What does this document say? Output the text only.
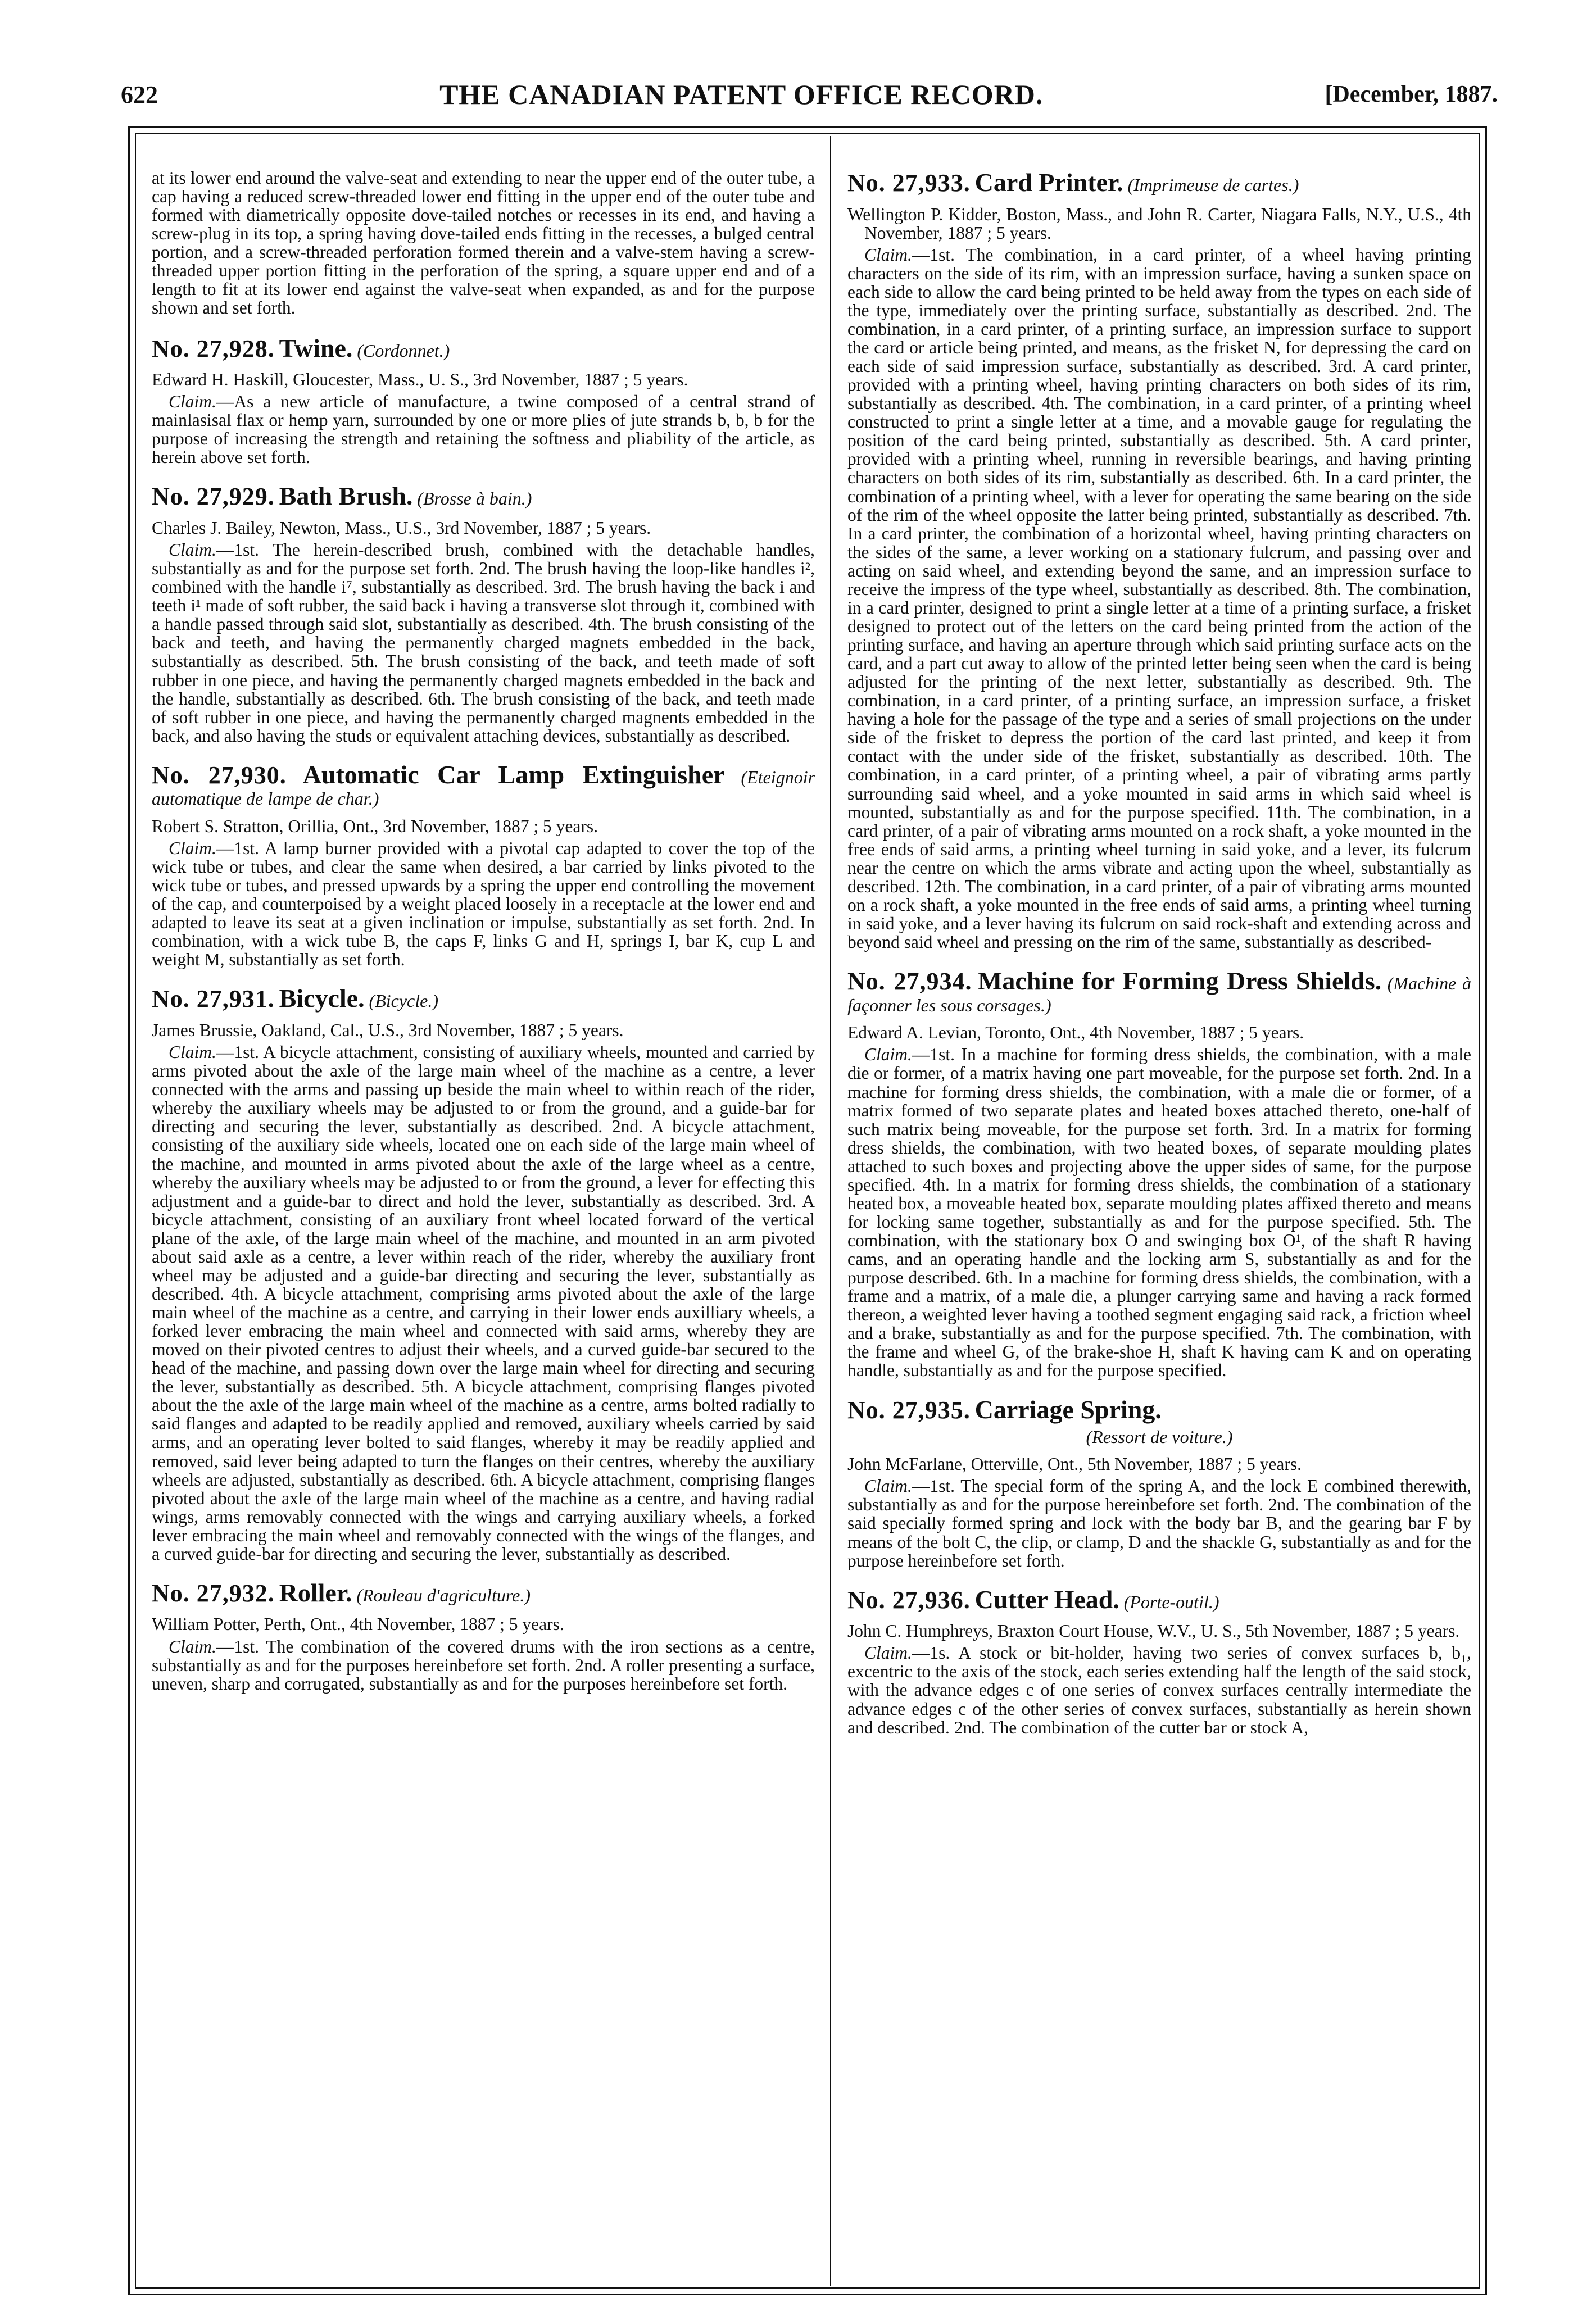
622	THE CANADIAN PATENT OFFICE RECORD.	[December, 1887.

at its lower end around the valve-seat and extending to near the upper end of the outer tube, a cap having a reduced screw-threaded lower end fitting in the upper end of the outer tube and formed with diametrically opposite dove-tailed notches or recesses in its end, and having a screw-plug in its top, a spring having dove-tailed ends fitting in the recesses, a bulged central portion, and a screw-threaded perforation formed therein and a valve-stem having a screw-threaded upper portion fitting in the perforation of the spring, a square upper end and of a length to fit at its lower end against the valve-seat when expanded, as and for the purpose shown and set forth.

No. 27,928. Twine. (Cordonnet.)

Edward H. Haskill, Gloucester, Mass., U. S., 3rd November, 1887 ; 5 years.

Claim.—As a new article of manufacture, a twine composed of a central strand of mainlasisal flax or hemp yarn, surrounded by one or more plies of jute strands b, b, b for the purpose of increasing the strength and retaining the softness and pliability of the article, as herein above set forth.

No. 27,929. Bath Brush. (Brosse à bain.)

Charles J. Bailey, Newton, Mass., U.S., 3rd November, 1887 ; 5 years.

Claim.—1st. The herein-described brush, combined with the detachable handles, substantially as and for the purpose set forth. 2nd. The brush having the loop-like handles i², combined with the handle i⁷, substantially as described. 3rd. The brush having the back i and teeth i¹ made of soft rubber, the said back i having a transverse slot through it, combined with a handle passed through said slot, substantially as described. 4th. The brush consisting of the back and teeth, and having the permanently charged magnets embedded in the back, substantially as described. 5th. The brush consisting of the back, and teeth made of soft rubber in one piece, and having the permanently charged magnets embedded in the back and the handle, substantially as described. 6th. The brush consisting of the back, and teeth made of soft rubber in one piece, and having the permanently charged magnents embedded in the back, and also having the studs or equivalent attaching devices, substantially as described.

No. 27,930. Automatic Car Lamp Extinguisher (Eteignoir automatique de lampe de char.)

Robert S. Stratton, Orillia, Ont., 3rd November, 1887 ; 5 years.

Claim.—1st. A lamp burner provided with a pivotal cap adapted to cover the top of the wick tube or tubes, and clear the same when desired, a bar carried by links pivoted to the wick tube or tubes, and pressed upwards by a spring the upper end controlling the movement of the cap, and counterpoised by a weight placed loosely in a receptacle at the lower end and adapted to leave its seat at a given inclination or impulse, substantially as set forth. 2nd. In combination, with a wick tube B, the caps F, links G and H, springs I, bar K, cup L and weight M, substantially as set forth.

No. 27,931. Bicycle. (Bicycle.)

James Brussie, Oakland, Cal., U.S., 3rd November, 1887 ; 5 years.

Claim.—1st. A bicycle attachment, consisting of auxiliary wheels, mounted and carried by arms pivoted about the axle of the large main wheel of the machine as a centre, a lever connected with the arms and passing up beside the main wheel to within reach of the rider, whereby the auxiliary wheels may be adjusted to or from the ground, and a guide-bar for directing and securing the lever, substantially as described. 2nd. A bicycle attachment, consisting of the auxiliary side wheels, located one on each side of the large main wheel of the machine, and mounted in arms pivoted about the axle of the large wheel as a centre, whereby the auxiliary wheels may be adjusted to or from the ground, a lever for effecting this adjustment and a guide-bar to direct and hold the lever, substantially as described. 3rd. A bicycle attachment, consisting of an auxiliary front wheel located forward of the vertical plane of the axle, of the large main wheel of the machine, and mounted in an arm pivoted about said axle as a centre, a lever within reach of the rider, whereby the auxiliary front wheel may be adjusted and a guide-bar directing and securing the lever, substantially as described. 4th. A bicycle attachment, comprising arms pivoted about the axle of the large main wheel of the machine as a centre, and carrying in their lower ends auxilliary wheels, a forked lever embracing the main wheel and connected with said arms, whereby they are moved on their pivoted centres to adjust their wheels, and a curved guide-bar secured to the head of the machine, and passing down over the large main wheel for directing and securing the lever, substantially as described. 5th. A bicycle attachment, comprising flanges pivoted about the the axle of the large main wheel of the machine as a centre, arms bolted radially to said flanges and adapted to be readily applied and removed, auxiliary wheels carried by said arms, and an operating lever bolted to said flanges, whereby it may be readily applied and removed, said lever being adapted to turn the flanges on their centres, whereby the auxiliary wheels are adjusted, substantially as described. 6th. A bicycle attachment, comprising flanges pivoted about the axle of the large main wheel of the machine as a centre, and having radial wings, arms removably connected with the wings and carrying auxiliary wheels, a forked lever embracing the main wheel and removably connected with the wings of the flanges, and a curved guide-bar for directing and securing the lever, substantially as described.

No. 27,932. Roller. (Rouleau d'agriculture.)

William Potter, Perth, Ont., 4th November, 1887 ; 5 years.

Claim.—1st. The combination of the covered drums with the iron sections as a centre, substantially as and for the purposes hereinbefore set forth. 2nd. A roller presenting a surface, uneven, sharp and corrugated, substantially as and for the purposes hereinbefore set forth.

No. 27,933. Card Printer. (Imprimeuse de cartes.)

Wellington P. Kidder, Boston, Mass., and John R. Carter, Niagara Falls, N.Y., U.S., 4th November, 1887 ; 5 years.

Claim.—1st. The combination, in a card printer, of a wheel having printing characters on the side of its rim, with an impression surface, having a sunken space on each side to allow the card being printed to be held away from the types on each side of the type, immediately over the printing surface, substantially as described. 2nd. The combination, in a card printer, of a printing surface, an impression surface to support the card or article being printed, and means, as the frisket N, for depressing the card on each side of said impression surface, substantially as described. 3rd. A card printer, provided with a printing wheel, having printing characters on both sides of its rim, substantially as described. 4th. The combination, in a card printer, of a printing wheel constructed to print a single letter at a time, and a movable gauge for regulating the position of the card being printed, substantially as described. 5th. A card printer, provided with a printing wheel, running in reversible bearings, and having printing characters on both sides of its rim, substantially as described. 6th. In a card printer, the combination of a printing wheel, with a lever for operating the same bearing on the side of the rim of the wheel opposite the latter being printed, substantially as described. 7th. In a card printer, the combination of a horizontal wheel, having printing characters on the sides of the same, a lever working on a stationary fulcrum, and passing over and acting on said wheel, and extending beyond the same, and an impression surface to receive the impress of the type wheel, substantially as described. 8th. The combination, in a card printer, designed to print a single letter at a time of a printing surface, a frisket designed to protect out of the letters on the card being printed from the action of the printing surface, and having an aperture through which said printing surface acts on the card, and a part cut away to allow of the printed letter being seen when the card is being adjusted for the printing of the next letter, substantially as described. 9th. The combination, in a card printer, of a printing surface, an impression surface, a frisket having a hole for the passage of the type and a series of small projections on the under side of the frisket to depress the portion of the card last printed, and keep it from contact with the under side of the frisket, substantially as described. 10th. The combination, in a card printer, of a printing wheel, a pair of vibrating arms partly surrounding said wheel, and a yoke mounted in said arms in which said wheel is mounted, substantially as and for the purpose specified. 11th. The combination, in a card printer, of a pair of vibrating arms mounted on a rock shaft, a yoke mounted in the free ends of said arms, a printing wheel turning in said yoke, and a lever, its fulcrum near the centre on which the arms vibrate and acting upon the wheel, substantially as described. 12th. The combination, in a card printer, of a pair of vibrating arms mounted on a rock shaft, a yoke mounted in the free ends of said arms, a printing wheel turning in said yoke, and a lever having its fulcrum on said rock-shaft and extending across and beyond said wheel and pressing on the rim of the same, substantially as described-

No. 27,934. Machine for Forming Dress Shields. (Machine à façonner les sous corsages.)

Edward A. Levian, Toronto, Ont., 4th November, 1887 ; 5 years.

Claim.—1st. In a machine for forming dress shields, the combination, with a male die or former, of a matrix having one part moveable, for the purpose set forth. 2nd. In a machine for forming dress shields, the combination, with a male die or former, of a matrix formed of two separate plates and heated boxes attached thereto, one-half of such matrix being moveable, for the purpose set forth. 3rd. In a matrix for forming dress shields, the combination, with two heated boxes, of separate moulding plates attached to such boxes and projecting above the upper sides of same, for the purpose specified. 4th. In a matrix for forming dress shields, the combination of a stationary heated box, a moveable heated box, separate moulding plates affixed thereto and means for locking same together, substantially as and for the purpose specified. 5th. The combination, with the stationary box O and swinging box O¹, of the shaft R having cams, and an operating handle and the locking arm S, substantially as and for the purpose described. 6th. In a machine for forming dress shields, the combination, with a frame and a matrix, of a male die, a plunger carrying same and having a rack formed thereon, a weighted lever having a toothed segment engaging said rack, a friction wheel and a brake, substantially as and for the purpose specified. 7th. The combination, with the frame and wheel G, of the brake-shoe H, shaft K having cam K and on operating handle, substantially as and for the purpose specified.

No. 27,935. Carriage Spring.
(Ressort de voiture.)

John McFarlane, Otterville, Ont., 5th November, 1887 ; 5 years.

Claim.—1st. The special form of the spring A, and the lock E combined therewith, substantially as and for the purpose hereinbefore set forth. 2nd. The combination of the said specially formed spring and lock with the body bar B, and the gearing bar F by means of the bolt C, the clip, or clamp, D and the shackle G, substantially as and for the purpose hereinbefore set forth.

No. 27,936. Cutter Head. (Porte-outil.)

John C. Humphreys, Braxton Court House, W.V., U. S., 5th November, 1887 ; 5 years.

Claim.—1s. A stock or bit-holder, having two series of convex surfaces b, b₁, excentric to the axis of the stock, each series extending half the length of the said stock, with the advance edges c of one series of convex surfaces centrally intermediate the advance edges c of the other series of convex surfaces, substantially as herein shown and described. 2nd. The combination of the cutter bar or stock A,
